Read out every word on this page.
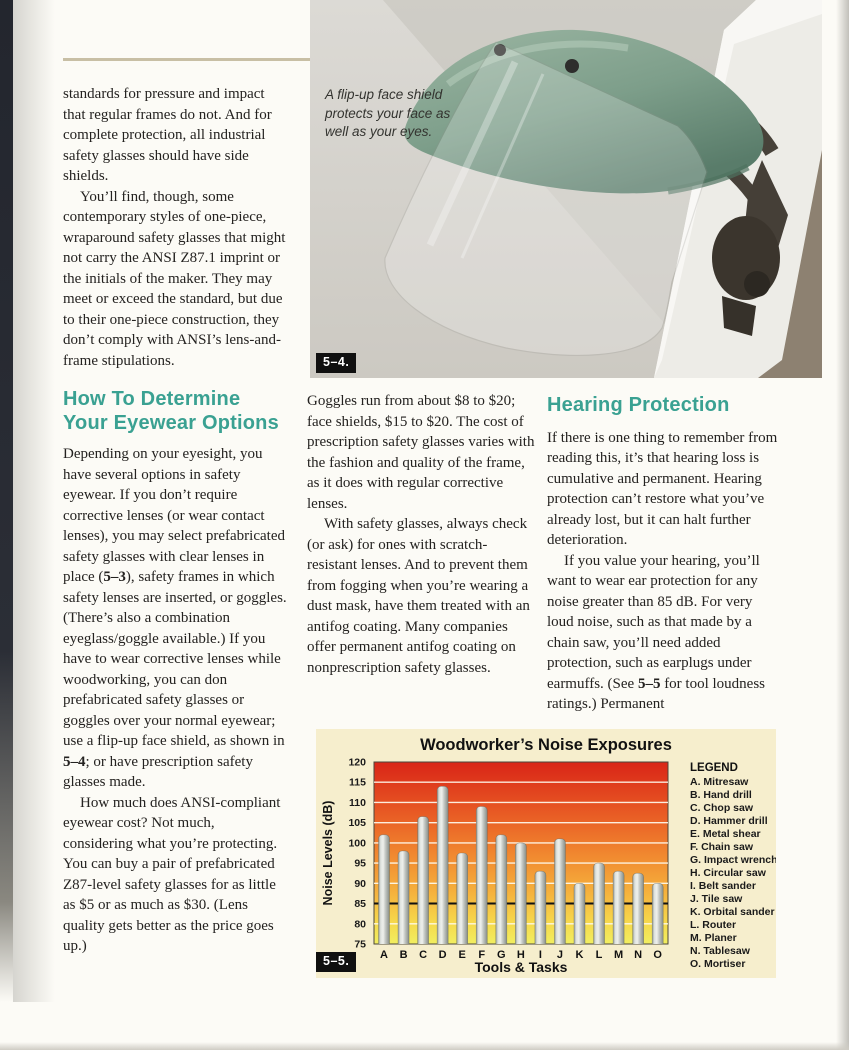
A flip-up face shield
protects your face as
well as your eyes.
5–4.

standards for pressure and impact that regular frames do not. And for complete protection, all industrial safety glasses should have side shields.

You’ll find, though, some contemporary styles of one-piece, wraparound safety glasses that might not carry the ANSI Z87.1 imprint or the initials of the maker. They may meet or exceed the standard, but due to their one-piece construction, they don’t comply with ANSI’s lens-and-frame stipulations.

How To Determine
Your Eyewear Options

Depending on your eyesight, you have several options in safety eyewear. If you don’t require corrective lenses (or wear contact lenses), you may select prefabricated safety glasses with clear lenses in place (5–3), safety frames in which safety lenses are inserted, or goggles. (There’s also a combination eyeglass/goggle available.) If you have to wear corrective lenses while woodworking, you can don prefabricated safety glasses or goggles over your normal eyewear; use a flip-up face shield, as shown in 5–4; or have prescription safety glasses made.

How much does ANSI-compliant eyewear cost? Not much, considering what you’re protecting. You can buy a pair of prefabricated Z87-level safety glasses for as little as $5 or as much as $30. (Lens quality gets better as the price goes up.)

Goggles run from about $8 to $20; face shields, $15 to $20. The cost of prescription safety glasses varies with the fashion and quality of the frame, as it does with regular corrective lenses.

With safety glasses, always check (or ask) for ones with scratch-resistant lenses. And to prevent them from fogging when you’re wearing a dust mask, have them treated with an antifog coating. Many companies offer permanent antifog coating on nonprescription safety glasses.

Hearing Protection

If there is one thing to remember from reading this, it’s that hearing loss is cumulative and permanent. Hearing protection can’t restore what you’ve already lost, but it can halt further deterioration.

If you value your hearing, you’ll want to wear ear protection for any noise greater than 85 dB. For very loud noise, such as that made by a chain saw, you’ll need added protection, such as earplugs under earmuffs. (See 5–5 for tool loudness ratings.) Permanent

Woodworker’s Noise Exposures
120
115
110
105
100
95
90
85
80
75
A B C D E F G H I J K L M N O
Noise Levels (dB)
Tools & Tasks
LEGEND
A. Mitresaw
B. Hand drill
C. Chop saw
D. Hammer drill
E. Metal shear
F. Chain saw
G. Impact wrench
H. Circular saw
I. Belt sander
J. Tile saw
K. Orbital sander
L. Router
M. Planer
N. Tablesaw
O. Mortiser
5–5.
